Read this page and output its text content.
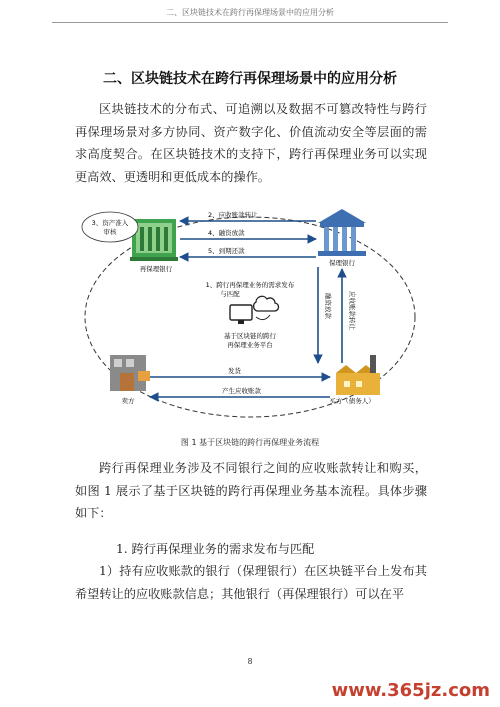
二、区块链技术在跨行再保理场景中的应用分析
二、区块链技术在跨行再保理场景中的应用分析

区块链技术的分布式、可追溯以及数据不可篡改特性与跨行再保理场景对多方协同、资产数字化、价值流动安全等层面的需求高度契合。在区块链技术的支持下，跨行再保理业务可以实现更高效、更透明和更低成本的操作。

再保理银行
3、资产准入
审核
保理银行
2、应收账款转让
4、融资放款
5、到期还款
1、跨行再保理业务的需求发布
与匹配
基于区块链的跨行
再保理业务平台
融资放款 应收账款转让
卖方	买方（债务人）
发货
产生应收账款
图 1 基于区块链的跨行再保理业务流程

跨行再保理业务涉及不同银行之间的应收账款转让和购买，如图 1 展示了基于区块链的跨行再保理业务基本流程。具体步骤如下：

1. 跨行再保理业务的需求发布与匹配

1）持有应收账款的银行（保理银行）在区块链平台上发布其希望转让的应收账款信息；其他银行（再保理银行）可以在平

8
www.365jz.com
